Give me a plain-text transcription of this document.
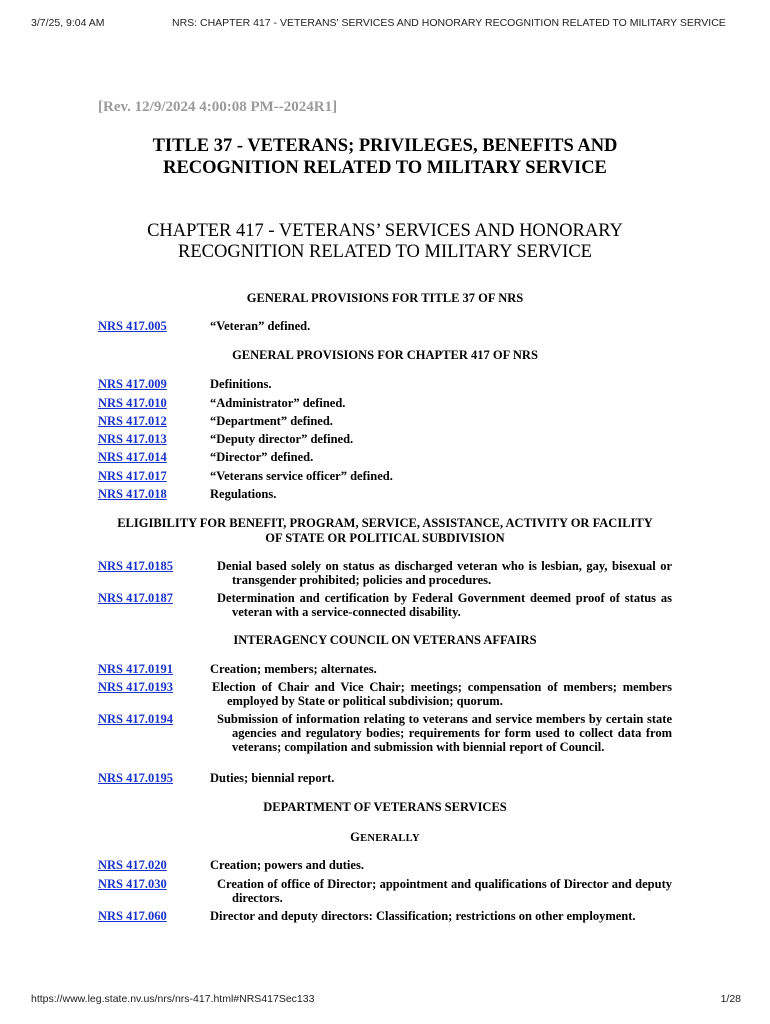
3/7/25, 9:04 AM	NRS: CHAPTER 417 - VETERANS' SERVICES AND HONORARY RECOGNITION RELATED TO MILITARY SERVICE
[Rev. 12/9/2024 4:00:08 PM--2024R1]
TITLE 37 - VETERANS; PRIVILEGES, BENEFITS AND
RECOGNITION RELATED TO MILITARY SERVICE
CHAPTER 417 - VETERANS’ SERVICES AND HONORARY
RECOGNITION RELATED TO MILITARY SERVICE
GENERAL PROVISIONS FOR TITLE 37 OF NRS
NRS 417.005	“Veteran” defined.
GENERAL PROVISIONS FOR CHAPTER 417 OF NRS
NRS 417.009	Definitions.
NRS 417.010	“Administrator” defined.
NRS 417.012	“Department” defined.
NRS 417.013	“Deputy director” defined.
NRS 417.014	“Director” defined.
NRS 417.017	“Veterans service officer” defined.
NRS 417.018	Regulations.
ELIGIBILITY FOR BENEFIT, PROGRAM, SERVICE, ASSISTANCE, ACTIVITY OR FACILITY
OF STATE OR POLITICAL SUBDIVISION
NRS 417.0185	Denial based solely on status as discharged veteran who is lesbian, gay, bisexual or transgender prohibited; policies and procedures.
NRS 417.0187	Determination and certification by Federal Government deemed proof of status as veteran with a service-connected disability.
INTERAGENCY COUNCIL ON VETERANS AFFAIRS
NRS 417.0191	Creation; members; alternates.
NRS 417.0193	Election of Chair and Vice Chair; meetings; compensation of members; members employed by State or political subdivision; quorum.
NRS 417.0194	Submission of information relating to veterans and service members by certain state agencies and regulatory bodies; requirements for form used to collect data from veterans; compilation and submission with biennial report of Council.
NRS 417.0195	Duties; biennial report.
DEPARTMENT OF VETERANS SERVICES
GENERALLY
NRS 417.020	Creation; powers and duties.
NRS 417.030	Creation of office of Director; appointment and qualifications of Director and deputy directors.
NRS 417.060	Director and deputy directors: Classification; restrictions on other employment.
https://www.leg.state.nv.us/nrs/nrs-417.html#NRS417Sec133	1/28
